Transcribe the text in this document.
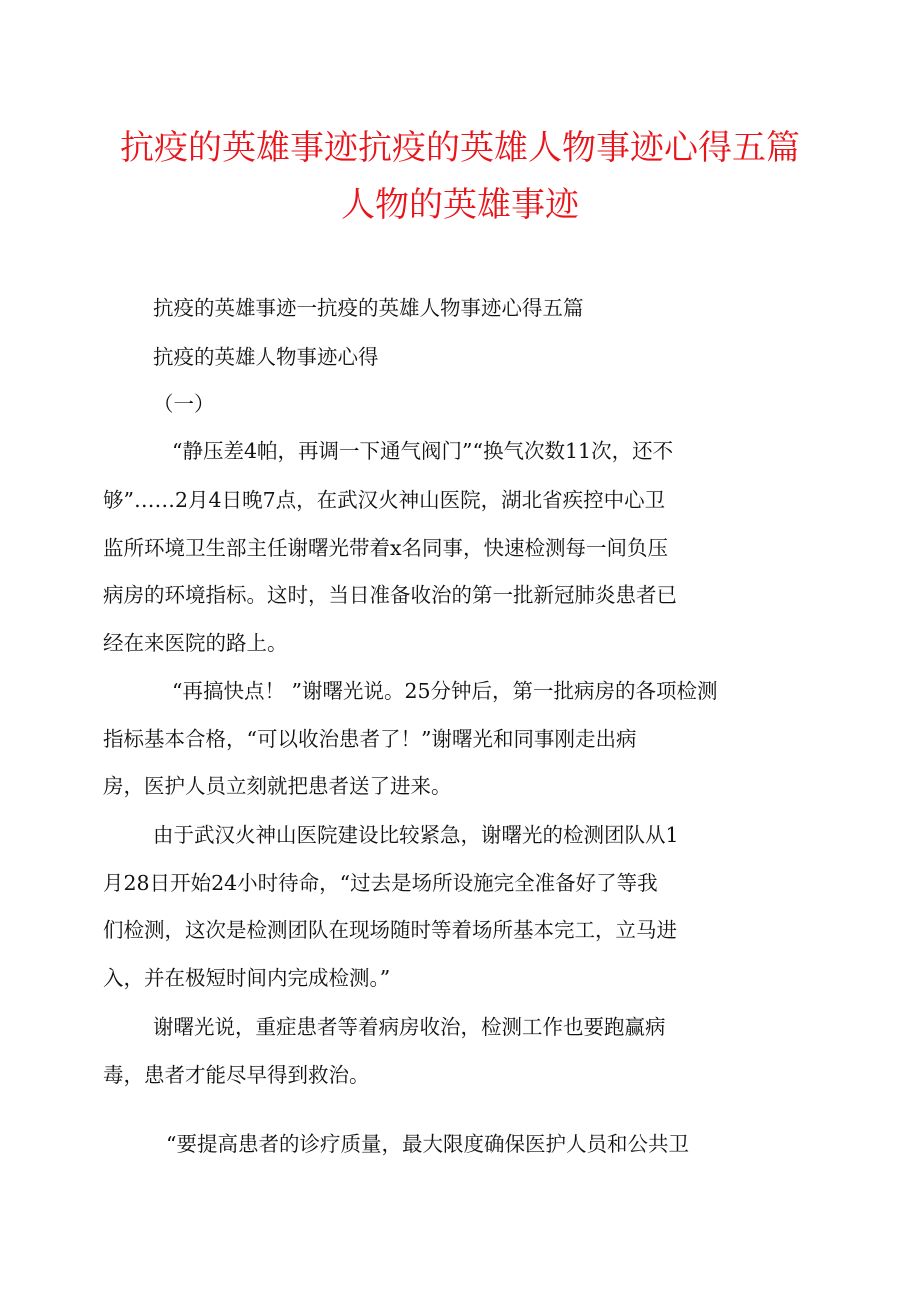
抗疫的英雄事迹抗疫的英雄人物事迹心得五篇
人物的英雄事迹
抗疫的英雄事迹一抗疫的英雄人物事迹心得五篇
抗疫的英雄人物事迹心得
（一）
“静压差4帕，再调一下通气阀门”“换气次数11次，还不
够”……2月4日晚7点，在武汉火神山医院，湖北省疾控中心卫
监所环境卫生部主任谢曙光带着x名同事，快速检测每一间负压
病房的环境指标。这时，当日准备收治的第一批新冠肺炎患者已
经在来医院的路上。
“再搞快点！ ”谢曙光说。25分钟后，第一批病房的各项检测
指标基本合格，“可以收治患者了！”谢曙光和同事刚走出病
房，医护人员立刻就把患者送了进来。
由于武汉火神山医院建设比较紧急，谢曙光的检测团队从1
月28日开始24小时待命，“过去是场所设施完全准备好了等我
们检测，这次是检测团队在现场随时等着场所基本完工，立马进
入，并在极短时间内完成检测。”
谢曙光说，重症患者等着病房收治，检测工作也要跑赢病
毒，患者才能尽早得到救治。
“要提高患者的诊疗质量，最大限度确保医护人员和公共卫
